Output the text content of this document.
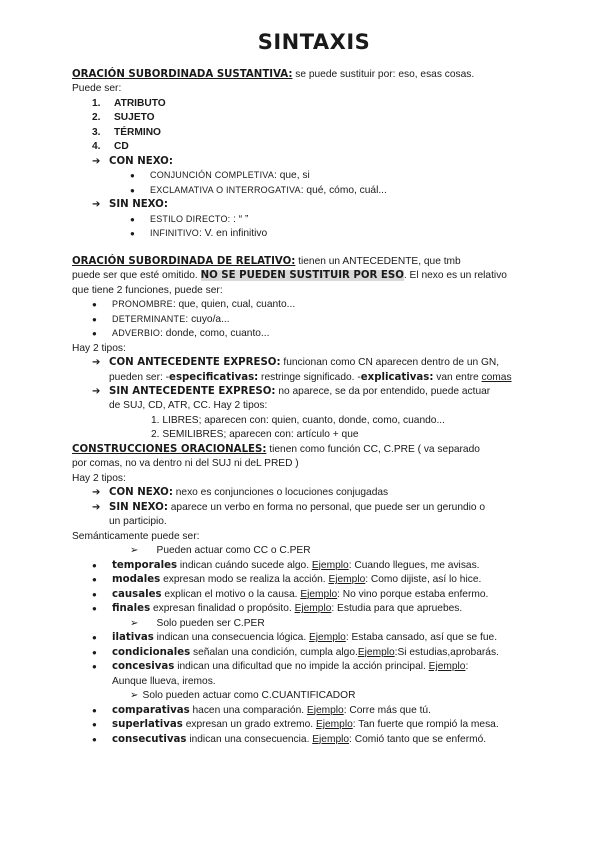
SINTAXIS
ORACIÓN SUBORDINADA SUSTANTIVA: se puede sustituir por: eso, esas cosas.
Puede ser:
1.	ATRIBUTO
2.	SUJETO
3.	TÉRMINO
4.	CD
➔ CON NEXO:
●	CONJUNCIÓN COMPLETIVA: que, si
●	EXCLAMATIVA O INTERROGATIVA: qué, cómo, cuál...
➔ SIN NEXO:
●	ESTILO DIRECTO: : “ ”
●	INFINITIVO: V. en infinitivo
ORACIÓN SUBORDINADA DE RELATIVO: tienen un ANTECEDENTE, que tmb
puede ser que esté omitido. NO SE PUEDEN SUSTITUIR POR ESO. El nexo es un relativo
que tiene 2 funciones, puede ser:
●	PRONOMBRE: que, quien, cual, cuanto...
●	DETERMINANTE: cuyo/a...
●	ADVERBIO: donde, como, cuanto...
Hay 2 tipos:
➔ CON ANTECEDENTE EXPRESO: funcionan como CN aparecen dentro de un GN,
pueden ser: -especificativas: restringe significado. -explicativas: van entre comas
➔ SIN ANTECEDENTE EXPRESO: no aparece, se da por entendido, puede actuar
de SUJ, CD, ATR, CC. Hay 2 tipos:
1. LIBRES; aparecen con: quien, cuanto, donde, como, cuando...
2. SEMILIBRES; aparecen con: artículo + que
CONSTRUCCIONES ORACIONALES: tienen como función CC, C.PRE ( va separado
por comas, no va dentro ni del SUJ ni deL PRED )
Hay 2 tipos:
➔ CON NEXO: nexo es conjunciones o locuciones conjugadas
➔ SIN NEXO: aparece un verbo en forma no personal, que puede ser un gerundio o
un participio.
Semánticamente puede ser:
➢ Pueden actuar como CC o C.PER
●	temporales indican cuándo sucede algo. Ejemplo: Cuando llegues, me avisas.
●	modales expresan modo se realiza la acción. Ejemplo: Como dijiste, así lo hice.
●	causales explican el motivo o la causa. Ejemplo: No vino porque estaba enfermo.
●	finales expresan finalidad o propósito. Ejemplo: Estudia para que apruebes.
➢ Solo pueden ser C.PER
●	ilativas indican una consecuencia lógica. Ejemplo: Estaba cansado, así que se fue.
●	condicionales señalan una condición, cumpla algo.Ejemplo:Si estudias,aprobarás.
●	concesivas indican una dificultad que no impide la acción principal. Ejemplo:
Aunque llueva, iremos.
➢ Solo pueden actuar como C.CUANTIFICADOR
●	comparativas hacen una comparación. Ejemplo: Corre más que tú.
●	superlativas expresan un grado extremo. Ejemplo: Tan fuerte que rompió la mesa.
●	consecutivas indican una consecuencia. Ejemplo: Comió tanto que se enfermó.
